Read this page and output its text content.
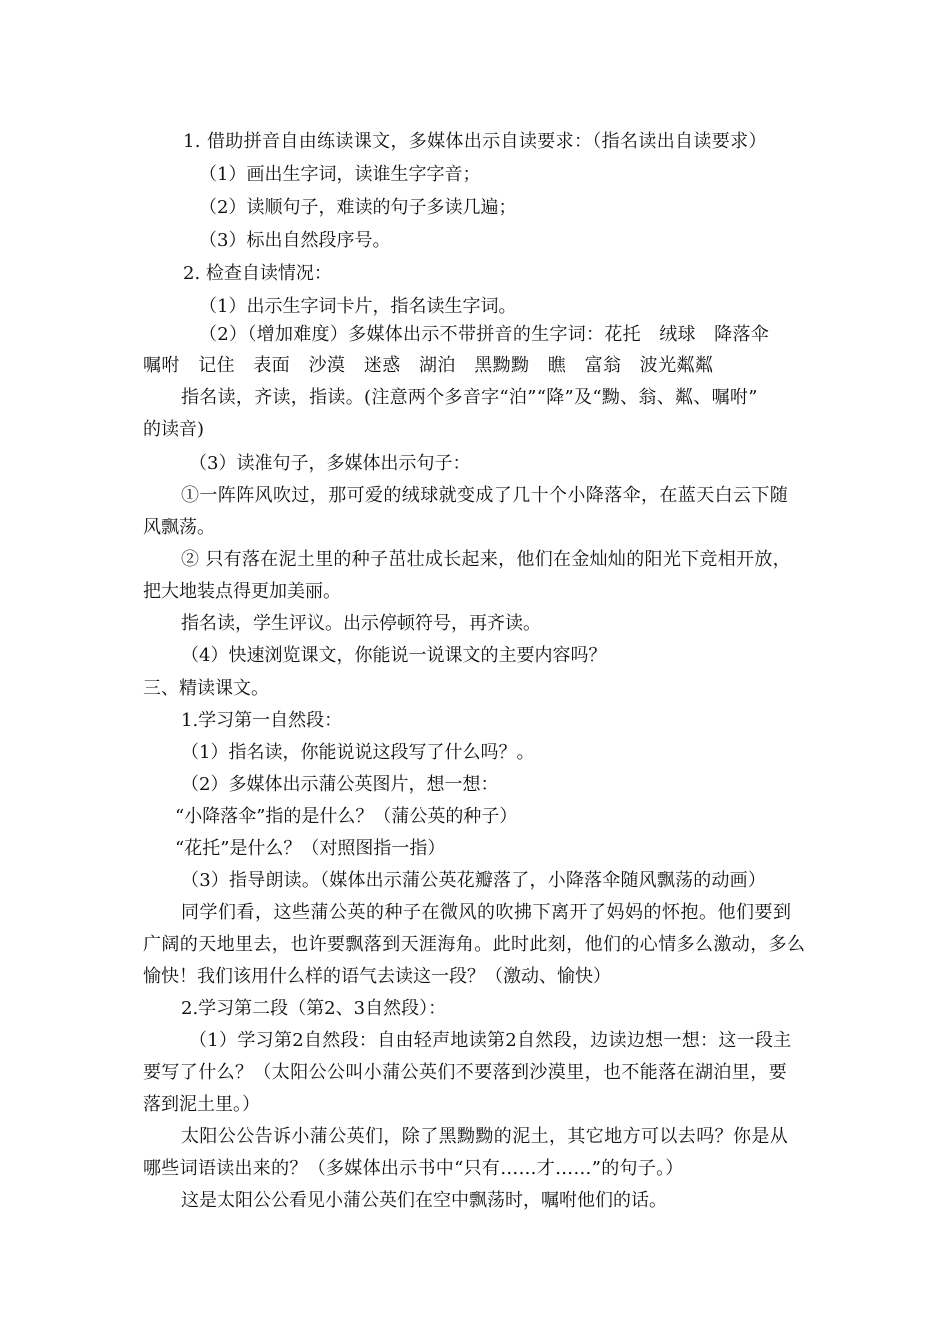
1. 借助拼音自由练读课文，多媒体出示自读要求：（指名读出自读要求）
（1）画出生字词，读谁生字字音；
（2）读顺句子，难读的句子多读几遍；
（3）标出自然段序号。
2. 检查自读情况：
（1）出示生字词卡片，指名读生字词。
（2）（增加难度）多媒体出示不带拼音的生字词：花托　绒球　降落伞
嘱咐　记住　表面　沙漠　迷惑　湖泊　黑黝黝　瞧　富翁　波光粼粼
指名读，齐读，指读。(注意两个多音字“泊”“降”及“黝、翁、粼、嘱咐”
的读音)
（3）读准句子，多媒体出示句子：
①一阵阵风吹过，那可爱的绒球就变成了几十个小降落伞，在蓝天白云下随
风飘荡。
② 只有落在泥土里的种子茁壮成长起来，他们在金灿灿的阳光下竞相开放，
把大地装点得更加美丽。
指名读，学生评议。出示停顿符号，再齐读。
（4）快速浏览课文，你能说一说课文的主要内容吗？
三、精读课文。
1.学习第一自然段：
（1）指名读，你能说说这段写了什么吗？。
（2）多媒体出示蒲公英图片，想一想：
“小降落伞”指的是什么？（蒲公英的种子）
“花托”是什么？（对照图指一指）
（3）指导朗读。（媒体出示蒲公英花瓣落了，小降落伞随风飘荡的动画）
同学们看，这些蒲公英的种子在微风的吹拂下离开了妈妈的怀抱。他们要到
广阔的天地里去，也许要飘落到天涯海角。此时此刻，他们的心情多么激动，多么
愉快！我们该用什么样的语气去读这一段？（激动、愉快）
2.学习第二段（第2、3自然段）：
（1）学习第2自然段：自由轻声地读第2自然段，边读边想一想：这一段主
要写了什么？（太阳公公叫小蒲公英们不要落到沙漠里，也不能落在湖泊里，要
落到泥土里。）
太阳公公告诉小蒲公英们，除了黑黝黝的泥土，其它地方可以去吗？你是从
哪些词语读出来的？（多媒体出示书中“只有……才……”的句子。）
这是太阳公公看见小蒲公英们在空中飘荡时，嘱咐他们的话。
